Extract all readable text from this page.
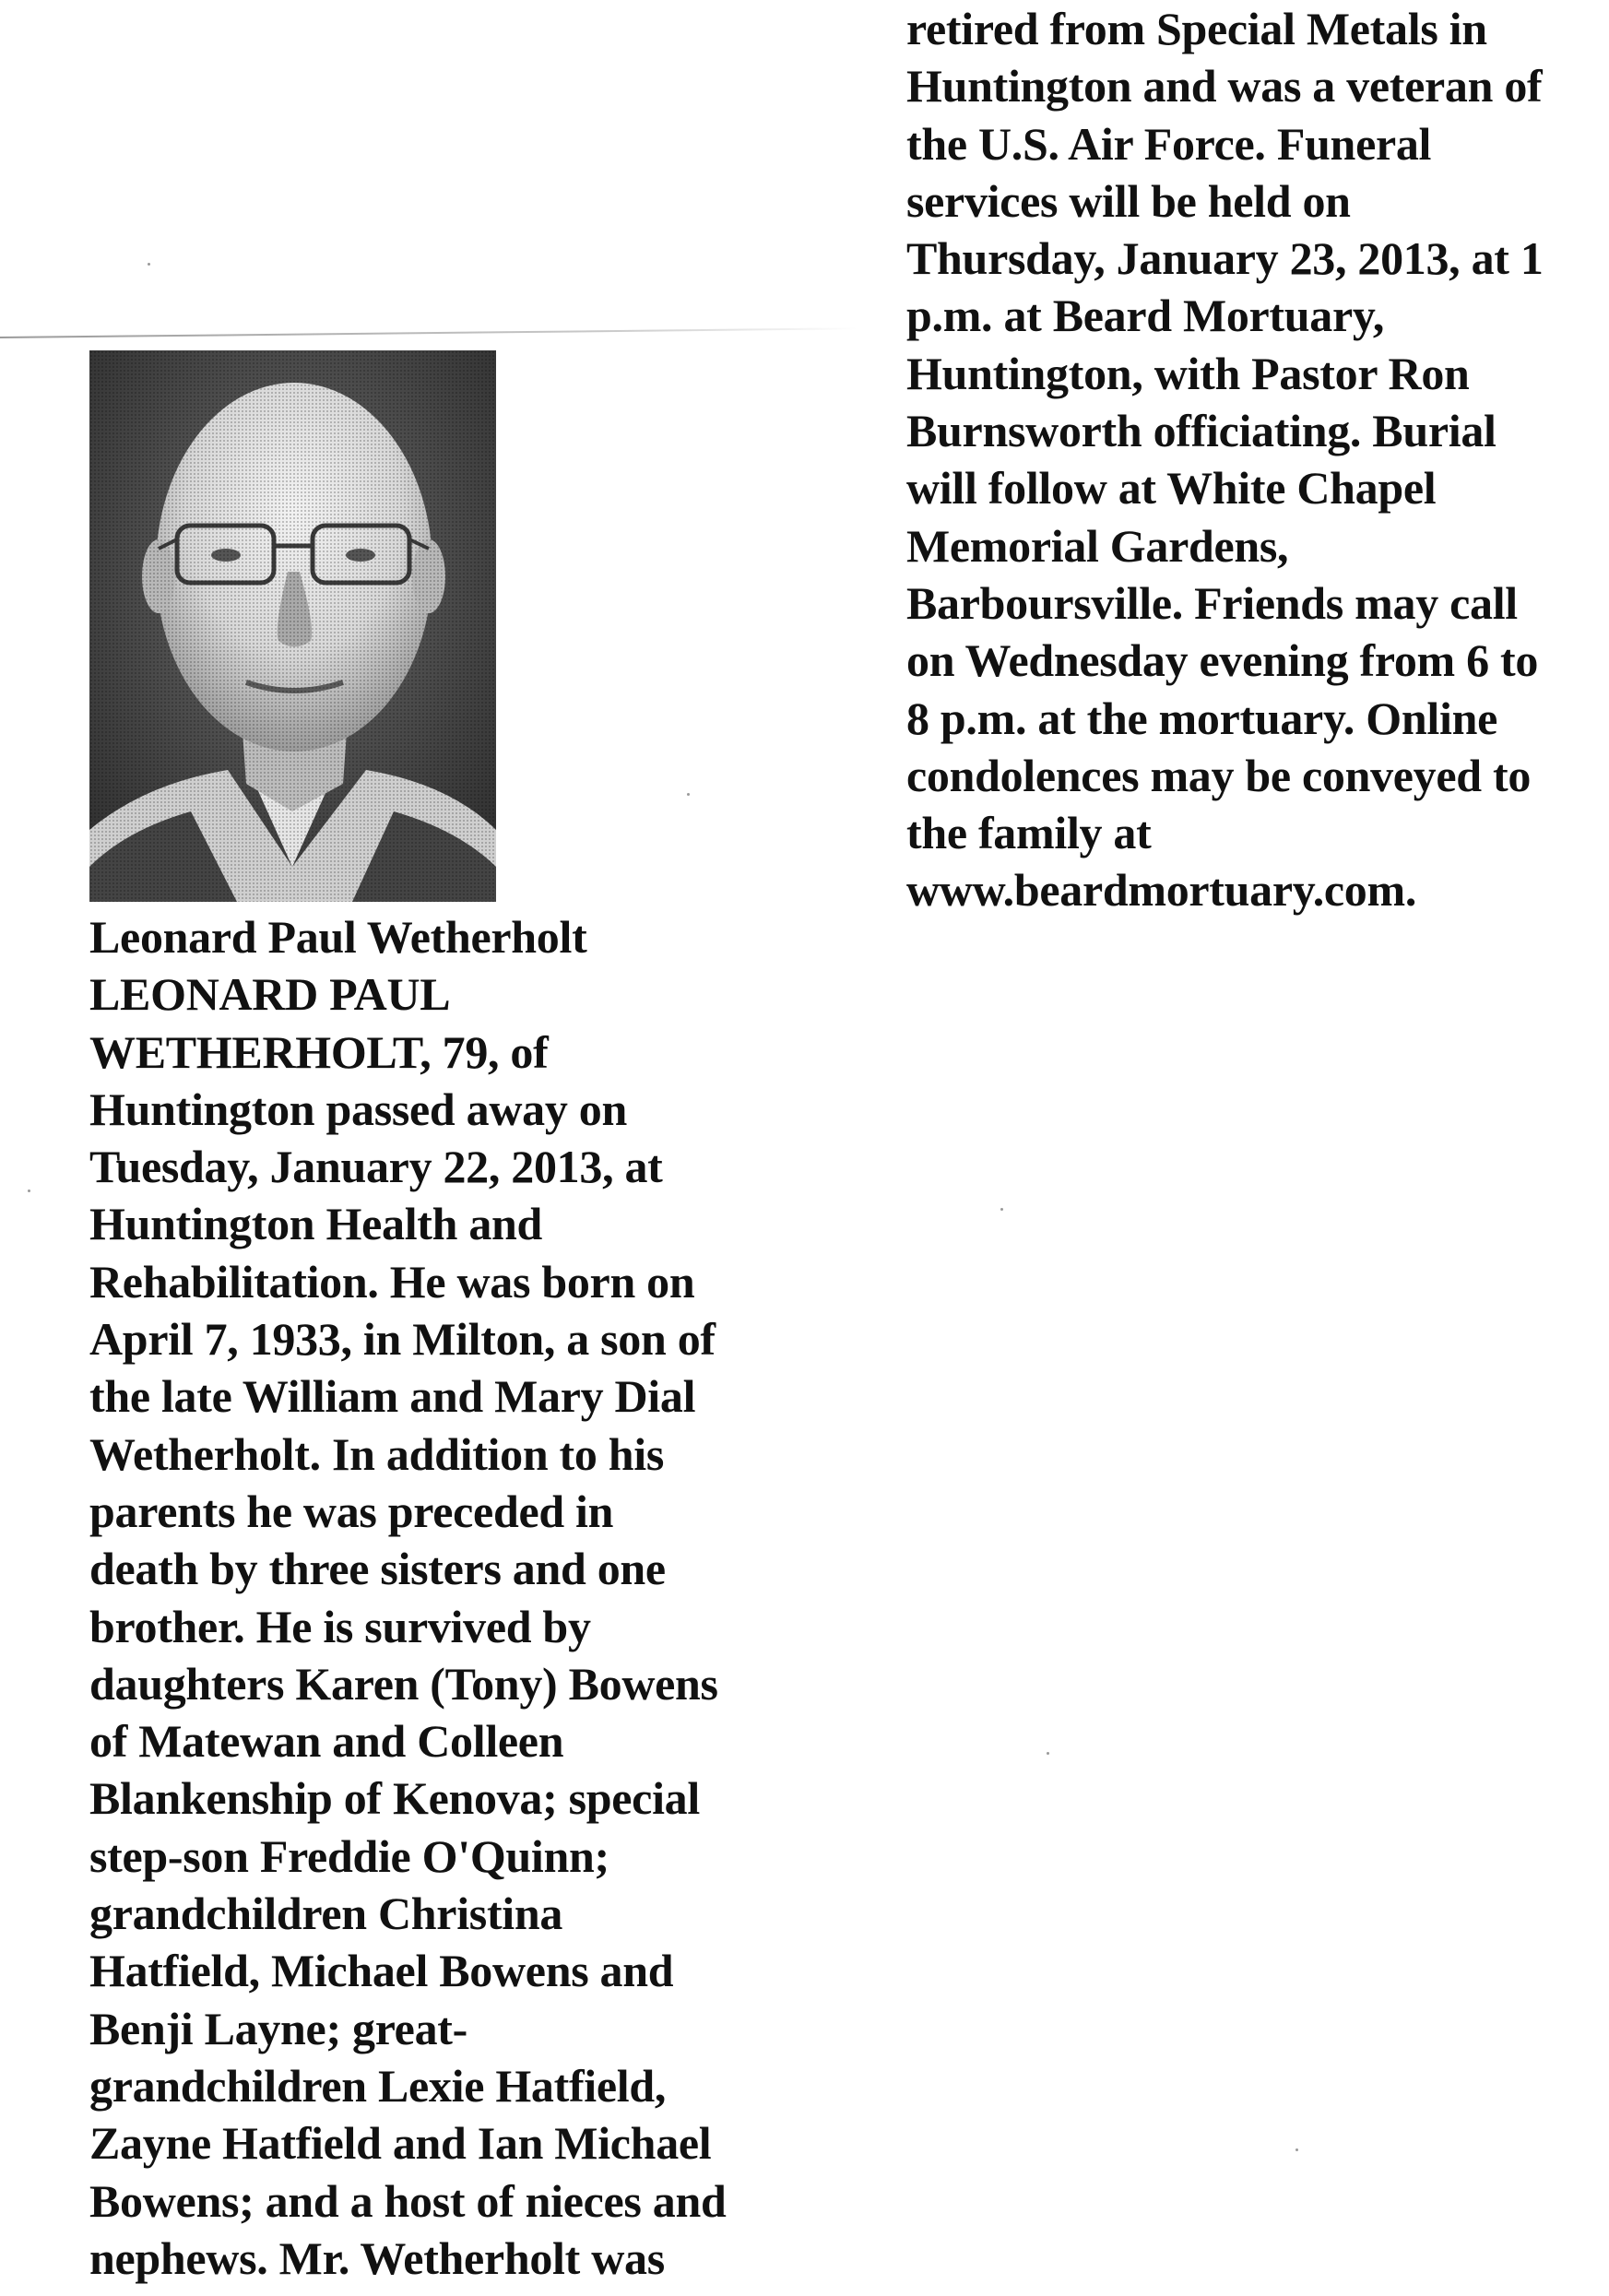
Leonard Paul Wetherholt
LEONARD PAUL
WETHERHOLT, 79, of
Huntington passed away on
Tuesday, January 22, 2013, at
Huntington Health and
Rehabilitation. He was born on
April 7, 1933, in Milton, a son of
the late William and Mary Dial
Wetherholt. In addition to his
parents he was preceded in
death by three sisters and one
brother. He is survived by
daughters Karen (Tony) Bowens
of Matewan and Colleen
Blankenship of Kenova; special
step-son Freddie O'Quinn;
grandchildren Christina
Hatfield, Michael Bowens and
Benji Layne; great-
grandchildren Lexie Hatfield,
Zayne Hatfield and Ian Michael
Bowens; and a host of nieces and
nephews. Mr. Wetherholt was
retired from Special Metals in
Huntington and was a veteran of
the U.S. Air Force. Funeral
services will be held on
Thursday, January 23, 2013, at 1
p.m. at Beard Mortuary,
Huntington, with Pastor Ron
Burnsworth officiating. Burial
will follow at White Chapel
Memorial Gardens,
Barboursville. Friends may call
on Wednesday evening from 6 to
8 p.m. at the mortuary. Online
condolences may be conveyed to
the family at
www.beardmortuary.com.
